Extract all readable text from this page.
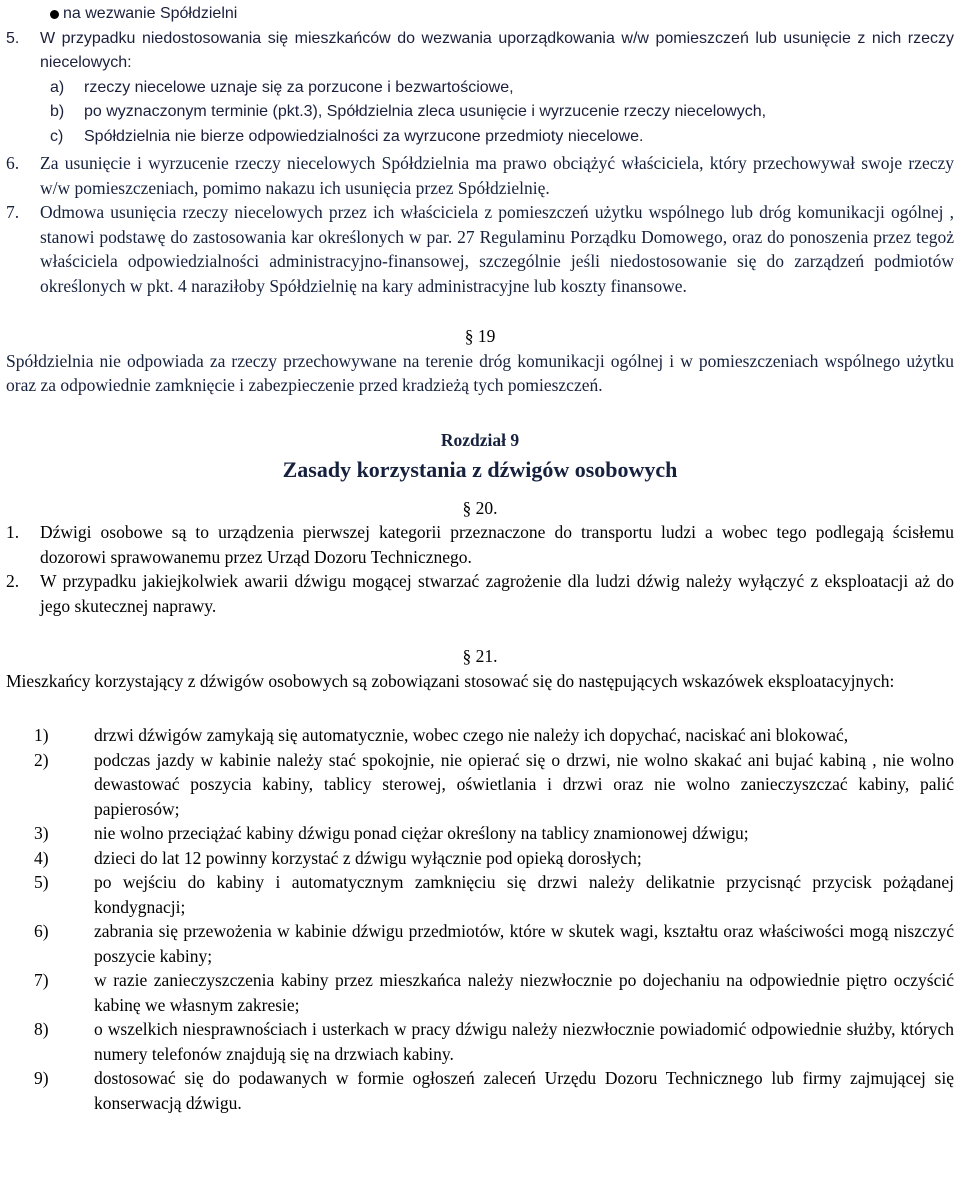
na wezwanie Spółdzielni
5.	W przypadku niedostosowania się mieszkańców do wezwania uporządkowania w/w pomieszczeń lub usunięcie z nich rzeczy niecelowych:
a)	rzeczy niecelowe uznaje się za porzucone i bezwartościowe,
b)	po wyznaczonym terminie (pkt.3), Spółdzielnia zleca usunięcie i wyrzucenie rzeczy niecelowych,
c)	Spółdzielnia nie bierze odpowiedzialności za wyrzucone przedmioty niecelowe.
6.	Za usunięcie i wyrzucenie rzeczy niecelowych Spółdzielnia ma prawo obciążyć właściciela, który przechowywał swoje rzeczy w/w pomieszczeniach, pomimo nakazu ich usunięcia przez Spółdzielnię.
7.	Odmowa usunięcia rzeczy niecelowych przez ich właściciela z pomieszczeń użytku wspólnego lub dróg komunikacji ogólnej , stanowi podstawę do zastosowania kar określonych w par. 27 Regulaminu Porządku Domowego, oraz do ponoszenia przez tegoż właściciela odpowiedzialności administracyjno-finansowej, szczególnie jeśli niedostosowanie się do zarządzeń podmiotów określonych w pkt. 4 naraziłoby Spółdzielnię na kary administracyjne lub koszty finansowe.
§ 19
Spółdzielnia nie odpowiada za rzeczy przechowywane na terenie dróg komunikacji ogólnej i w pomieszczeniach wspólnego użytku oraz za odpowiednie zamknięcie i zabezpieczenie przed kradzieżą tych pomieszczeń.
Rozdział 9
Zasady korzystania z dźwigów osobowych
§ 20.
1.	Dźwigi osobowe są to urządzenia pierwszej kategorii przeznaczone do transportu ludzi a wobec tego podlegają ścisłemu dozorowi sprawowanemu przez Urząd Dozoru Technicznego.
2.	W przypadku jakiejkolwiek awarii dźwigu mogącej stwarzać zagrożenie dla ludzi dźwig należy wyłączyć z eksploatacji aż do jego skutecznej naprawy.
§ 21.
Mieszkańcy korzystający z dźwigów osobowych są zobowiązani stosować się do następujących wskazówek eksploatacyjnych:
1)	drzwi dźwigów zamykają się automatycznie, wobec czego nie należy ich dopychać, naciskać ani blokować,
2)	podczas jazdy w kabinie należy stać spokojnie, nie opierać się o drzwi, nie wolno skakać ani bujać kabiną , nie wolno dewastować poszycia kabiny, tablicy sterowej, oświetlania i drzwi oraz nie wolno zanieczyszczać kabiny, palić papierosów;
3)	nie wolno przeciążać kabiny dźwigu ponad ciężar określony na tablicy znamionowej dźwigu;
4)	dzieci do lat 12 powinny korzystać z dźwigu wyłącznie pod opieką dorosłych;
5)	po wejściu do kabiny i automatycznym zamknięciu się drzwi należy delikatnie przycisnąć przycisk pożądanej kondygnacji;
6)	zabrania się przewożenia w kabinie dźwigu przedmiotów, które w skutek wagi, kształtu oraz właściwości mogą niszczyć poszycie kabiny;
7)	w razie zanieczyszczenia kabiny przez mieszkańca należy niezwłocznie po dojechaniu na odpowiednie piętro oczyścić kabinę we własnym zakresie;
8)	o wszelkich niesprawnościach i usterkach w pracy dźwigu należy niezwłocznie powiadomić odpowiednie służby, których numery telefonów znajdują się na drzwiach kabiny.
9)	dostosować się do podawanych w formie ogłoszeń zaleceń Urzędu Dozoru Technicznego lub firmy zajmującej się konserwacją dźwigu.
